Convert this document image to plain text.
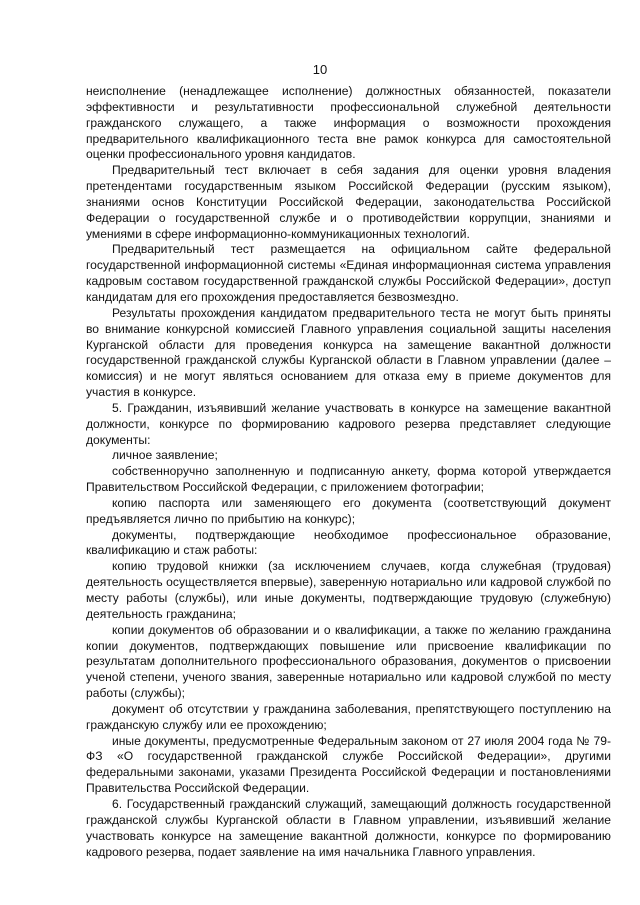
10

неисполнение (ненадлежащее исполнение) должностных обязанностей, показатели эффективности и результативности профессиональной служебной деятельности гражданского служащего, а также информация о возможности прохождения предварительного квалификационного теста вне рамок конкурса для самостоятельной оценки профессионального уровня кандидатов.

Предварительный тест включает в себя задания для оценки уровня владения претендентами государственным языком Российской Федерации (русским языком), знаниями основ Конституции Российской Федерации, законодательства Российской Федерации о государственной службе и о противодействии коррупции, знаниями и умениями в сфере информационно-коммуникационных технологий.

Предварительный тест размещается на официальном сайте федеральной государственной информационной системы «Единая информационная система управления кадровым составом государственной гражданской службы Российской Федерации», доступ кандидатам для его прохождения предоставляется безвозмездно.

Результаты прохождения кандидатом предварительного теста не могут быть приняты во внимание конкурсной комиссией Главного управления социальной защиты населения Курганской области для проведения конкурса на замещение вакантной должности государственной гражданской службы Курганской области в Главном управлении (далее – комиссия) и не могут являться основанием для отказа ему в приеме документов для участия в конкурсе.

5. Гражданин, изъявивший желание участвовать в конкурсе на замещение вакантной должности, конкурсе по формированию кадрового резерва представляет следующие документы:

личное заявление;

собственноручно заполненную и подписанную анкету, форма которой утверждается Правительством Российской Федерации, с приложением фотографии;

копию паспорта или заменяющего его документа (соответствующий документ предъявляется лично по прибытию на конкурс);

документы, подтверждающие необходимое профессиональное образование, квалификацию и стаж работы:

копию трудовой книжки (за исключением случаев, когда служебная (трудовая) деятельность осуществляется впервые), заверенную нотариально или кадровой службой по месту работы (службы), или иные документы, подтверждающие трудовую (служебную) деятельность гражданина;

копии документов об образовании и о квалификации, а также по желанию гражданина копии документов, подтверждающих повышение или присвоение квалификации по результатам дополнительного профессионального образования, документов о присвоении ученой степени, ученого звания, заверенные нотариально или кадровой службой по месту работы (службы);

документ об отсутствии у гражданина заболевания, препятствующего поступлению на гражданскую службу или ее прохождению;

иные документы, предусмотренные Федеральным законом от 27 июля 2004 года № 79-ФЗ «О государственной гражданской службе Российской Федерации», другими федеральными законами, указами Президента Российской Федерации и постановлениями Правительства Российской Федерации.

6. Государственный гражданский служащий, замещающий должность государственной гражданской службы Курганской области в Главном управлении, изъявивший желание участвовать конкурсе на замещение вакантной должности, конкурсе по формированию кадрового резерва, подает заявление на имя начальника Главного управления.
